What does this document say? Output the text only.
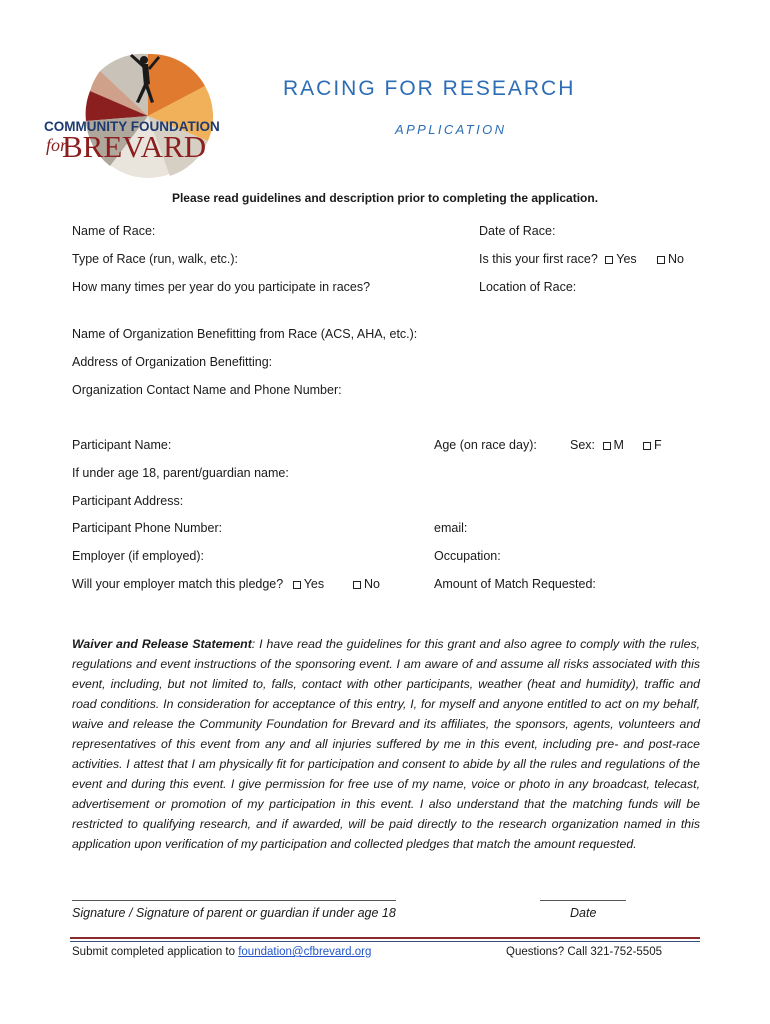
COMMUNITY FOUNDATION
for
BREVARD
RACING FOR RESEARCH
APPLICATION
Please read guidelines and description prior to completing the application.
Name of Race:	Date of Race:
Type of Race (run, walk, etc.):	Is this your first race? Yes	No
How many times per year do you participate in races?	Location of Race:
Name of Organization Benefitting from Race (ACS, AHA, etc.):
Address of Organization Benefitting:
Organization Contact Name and Phone Number:
Participant Name:	Age (on race day):	Sex: M	F
If under age 18, parent/guardian name:
Participant Address:
Participant Phone Number:	email:
Employer (if employed):	Occupation:
Will your employer match this pledge? Yes	No	Amount of Match Requested:
Waiver and Release Statement: I have read the guidelines for this grant and also agree to comply with the rules, regulations and event instructions of the sponsoring event. I am aware of and assume all risks associated with this event, including, but not limited to, falls, contact with other participants, weather (heat and humidity), traffic and road conditions. In consideration for acceptance of this entry, I, for myself and anyone entitled to act on my behalf, waive and release the Community Foundation for Brevard and its affiliates, the sponsors, agents, volunteers and representatives of this event from any and all injuries suffered by me in this event, including pre- and post-race activities. I attest that I am physically fit for participation and consent to abide by all the rules and regulations of the event and during this event. I give permission for free use of my name, voice or photo in any broadcast, telecast, advertisement or promotion of my participation in this event. I also understand that the matching funds will be restricted to qualifying research, and if awarded, will be paid directly to the research organization named in this application upon verification of my participation and collected pledges that match the amount requested.
Signature / Signature of parent or guardian if under age 18	Date
Submit completed application to foundation@cfbrevard.org	Questions? Call 321-752-5505
